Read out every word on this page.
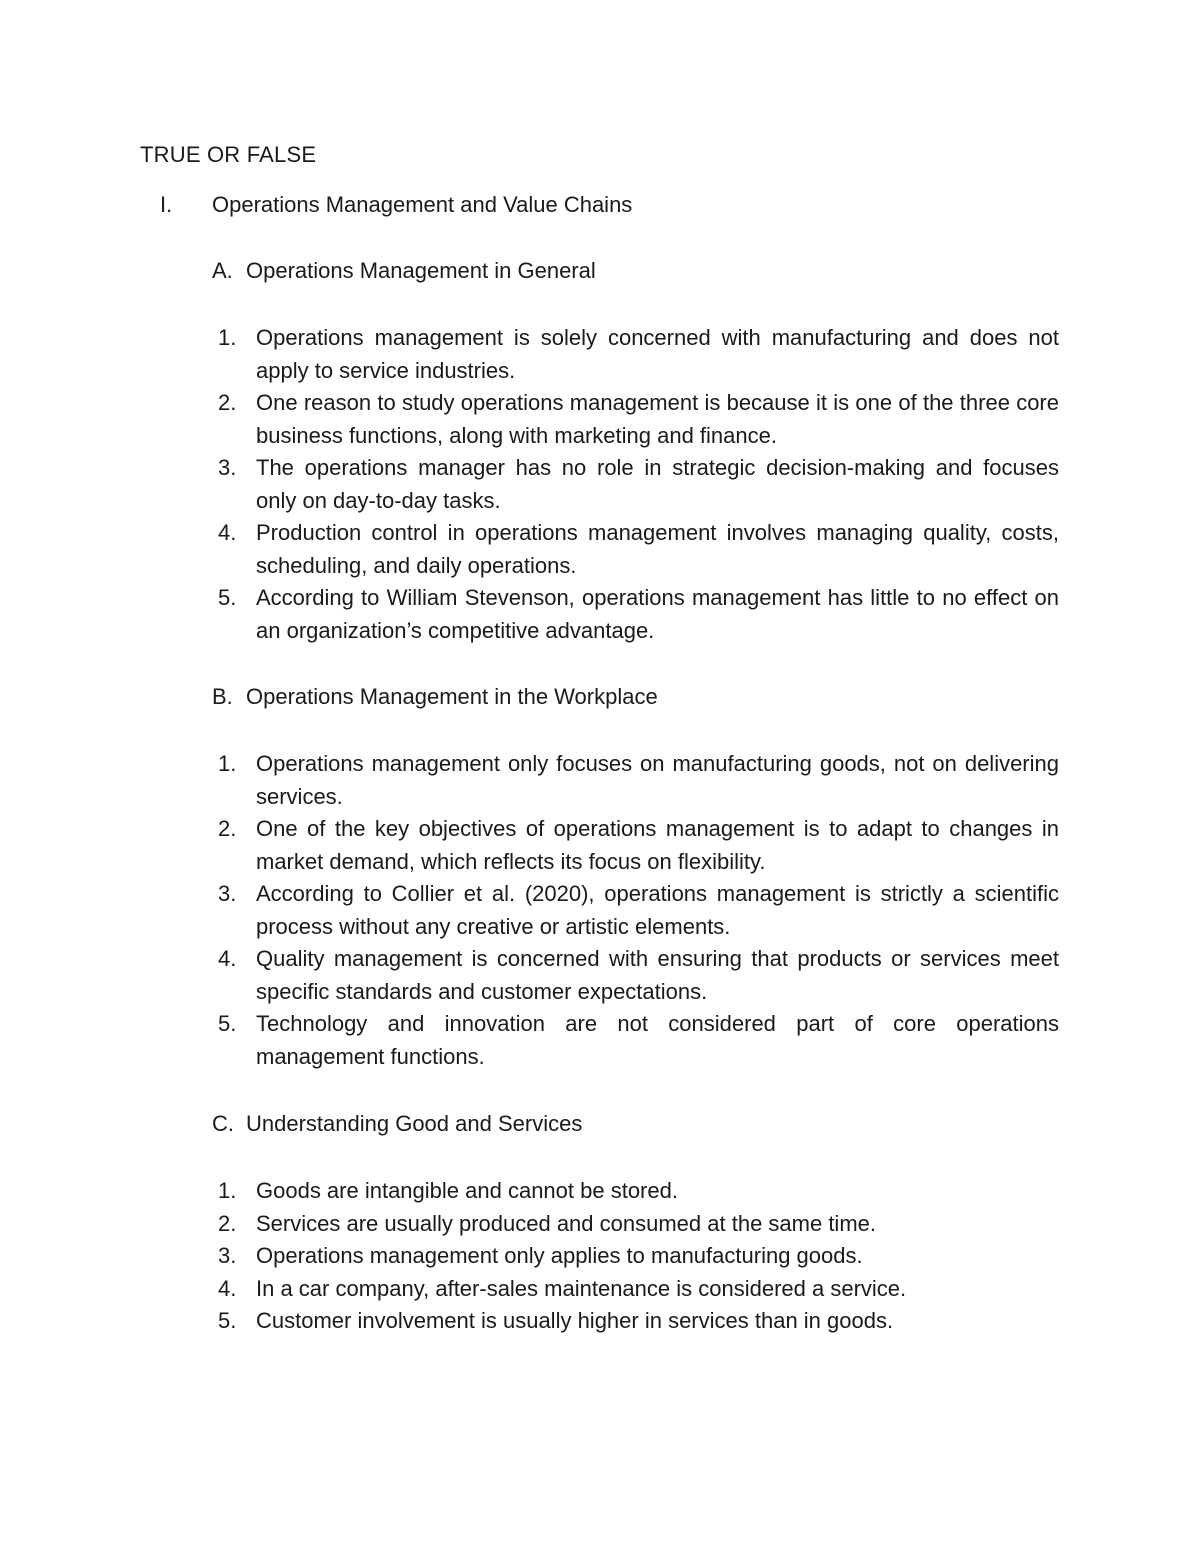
TRUE OR FALSE
I. Operations Management and Value Chains
A. Operations Management in General
1. Operations management is solely concerned with manufacturing and does not apply to service industries.
2. One reason to study operations management is because it is one of the three core business functions, along with marketing and finance.
3. The operations manager has no role in strategic decision-making and focuses only on day-to-day tasks.
4. Production control in operations management involves managing quality, costs, scheduling, and daily operations.
5. According to William Stevenson, operations management has little to no effect on an organization’s competitive advantage.
B. Operations Management in the Workplace
1. Operations management only focuses on manufacturing goods, not on delivering services.
2. One of the key objectives of operations management is to adapt to changes in market demand, which reflects its focus on flexibility.
3. According to Collier et al. (2020), operations management is strictly a scientific process without any creative or artistic elements.
4. Quality management is concerned with ensuring that products or services meet specific standards and customer expectations.
5. Technology and innovation are not considered part of core operations management functions.
C. Understanding Good and Services
1. Goods are intangible and cannot be stored.
2. Services are usually produced and consumed at the same time.
3. Operations management only applies to manufacturing goods.
4. In a car company, after-sales maintenance is considered a service.
5. Customer involvement is usually higher in services than in goods.
